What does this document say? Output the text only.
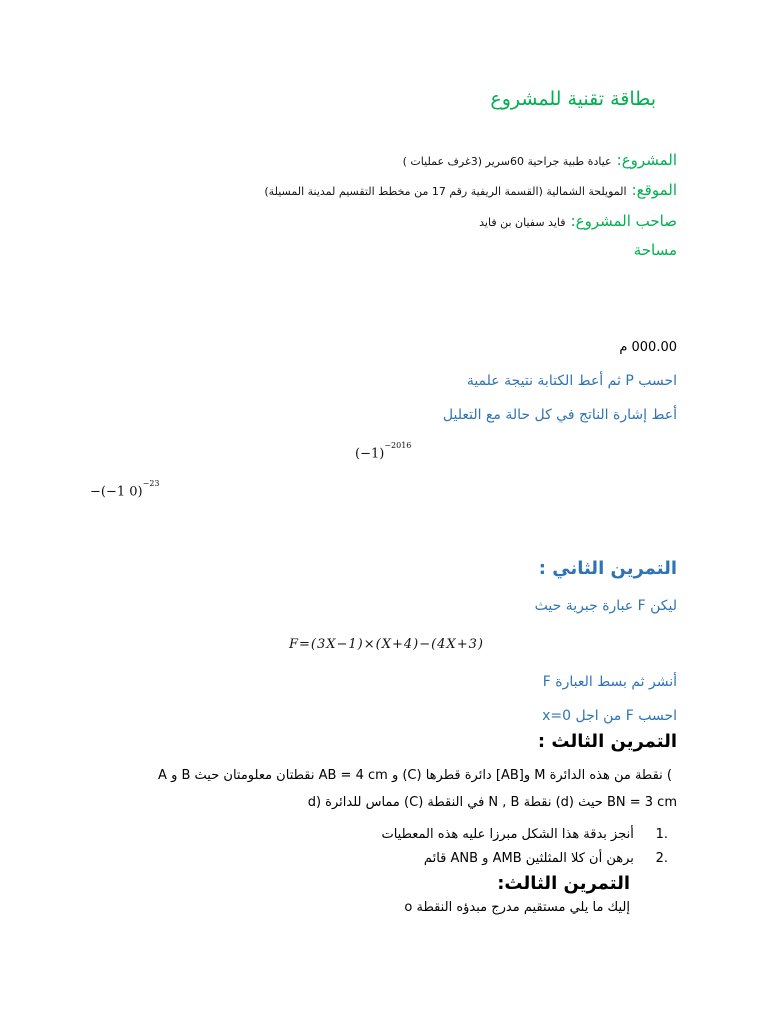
بطاقة تقنية للمشروع
المشروع: عيادة طبية جراحية 60سرير (3غرف عمليات )
الموقع: المويلحة الشمالية (القسمة الريفية رقم 17 من مخطط التقسيم لمدينة المسيلة)
صاحب المشروع: فايد سفيان بن فايد
مساحة
000.00 م
احسب P ثم أعط الكتابة نتيجة علمية
أعط إشارة الناتج في كل حالة مع التعليل
$(-1)^{-2016}$
−(−1 0)$^{-23}$
التمرين الثاني :
ليكن F عبارة جبرية حيث
F=(3X−1)×(X+4)−(4X+3)
أنشر ثم بسط العبارة F
احسب F من اجل x=0
التمرين الثالث :
A و B نقطتان معلومتان حيث AB = 4 cm و (C) دائرة قطرها [AB]و M نقطة من هذه الدائرة (
d) مماس للدائرة (C) في النقطة N , B نقطة (d) حيث BN = 3 cm
.1 أنجز بدقة هذا الشكل مبرزا عليه هذه المعطيات
.2 برهن أن كلا المثلثين AMB و ANB قائم
التمرين الثالث:
إليك ما يلي مستقيم مدرج مبدؤه النقطة o
